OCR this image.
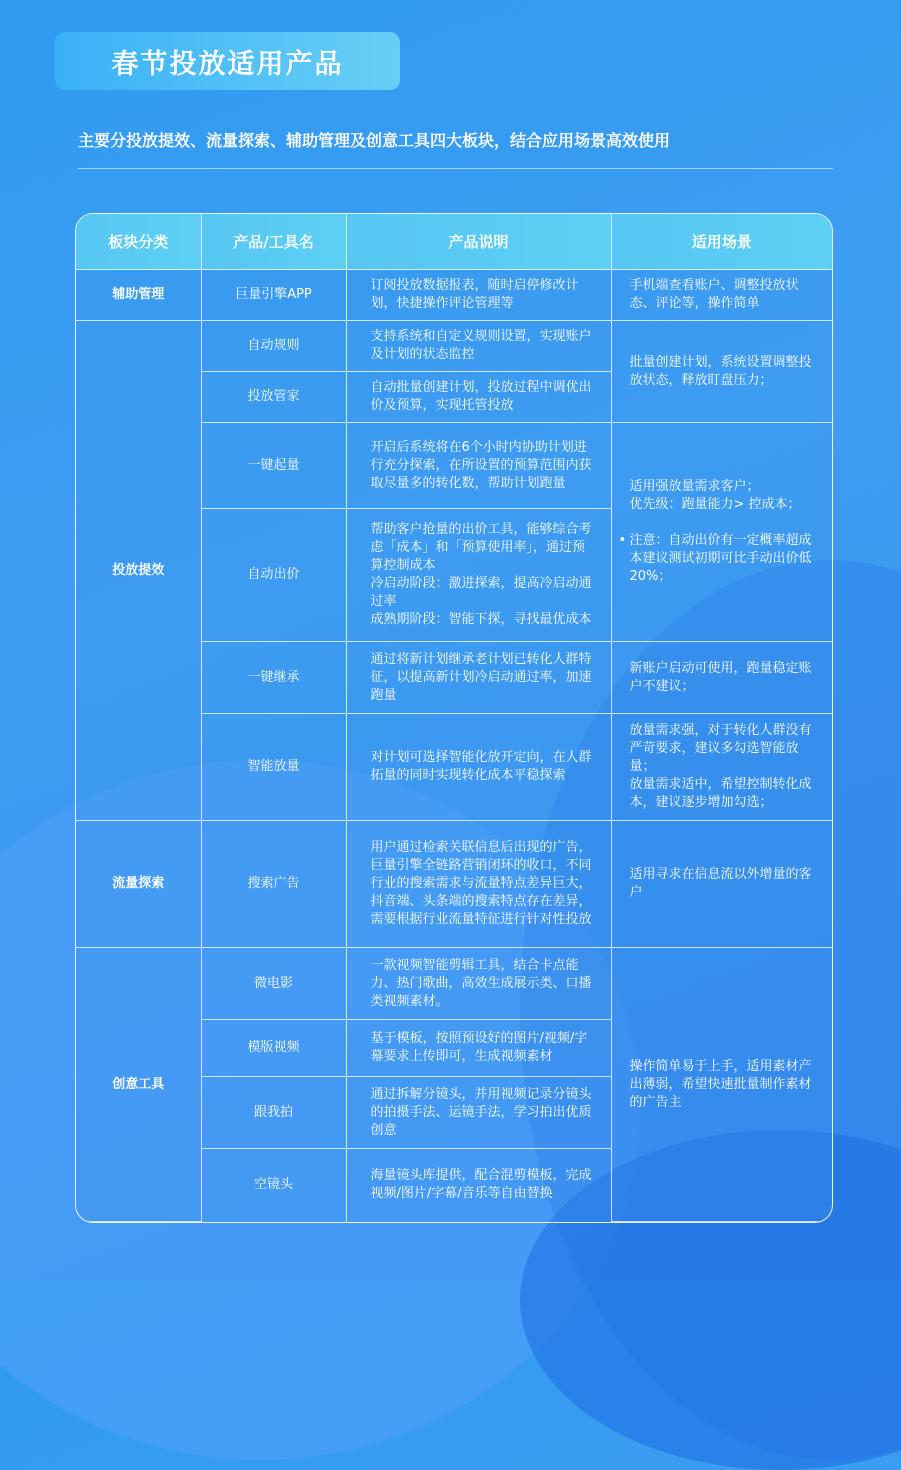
春节投放适用产品
主要分投放提效、流量探索、辅助管理及创意工具四大板块，结合应用场景高效使用
板块分类	产品/工具名	产品说明	适用场景
辅助管理	巨量引擎APP	订阅投放数据报表，随时启停修改计划，快捷操作评论管理等	手机端查看账户、调整投放状态、评论等，操作简单
投放提效	自动规则	支持系统和自定义规则设置，实现账户及计划的状态监控	批量创建计划，系统设置调整投放状态，释放盯盘压力；
	投放管家	自动批量创建计划，投放过程中调优出价及预算，实现托管投放	
	一键起量	开启后系统将在6个小时内协助计划进行充分探索，在所设置的预算范围内获取尽量多的转化数，帮助计划跑量	适用强放量需求客户；
优先级：跑量能力> 控成本；
• 注意：自动出价有一定概率超成本建议测试初期可比手动出价低20%；

	自动出价	帮助客户抢量的出价工具，能够综合考虑「成本」和「预算使用率」，通过预算控制成本
冷启动阶段：激进探索，提高冷启动通过率
成熟期阶段：智能下探，寻找最优成本	

	一键继承	通过将新计划继承老计划已转化人群特征，以提高新计划冷启动通过率，加速跑量	新账户启动可使用，跑量稳定账户不建议；
	智能放量	对计划可选择智能化放开定向，在人群拓量的同时实现转化成本平稳探索	放量需求强，对于转化人群没有严苛要求，建议多勾选智能放量；
放量需求适中，希望控制转化成本，建议逐步增加勾选；

流量探索	搜索广告	用户通过检索关联信息后出现的广告，巨量引擎全链路营销闭环的收口，不同行业的搜索需求与流量特点差异巨大，抖音端、头条端的搜索特点存在差异，需要根据行业流量特征进行针对性投放	适用寻求在信息流以外增量的客户
创意工具	微电影	一款视频智能剪辑工具，结合卡点能力、热门歌曲，高效生成展示类、口播类视频素材。	操作简单易于上手，适用素材产出薄弱，希望快速批量制作素材的广告主
	模版视频	基于模板，按照预设好的图片/视频/字幕要求上传即可，生成视频素材	
	跟我拍	通过拆解分镜头，并用视频记录分镜头的拍摄手法、运镜手法，学习拍出优质创意	
	空镜头	海量镜头库提供，配合混剪模板，完成视频/图片/字幕/音乐等自由替换	
